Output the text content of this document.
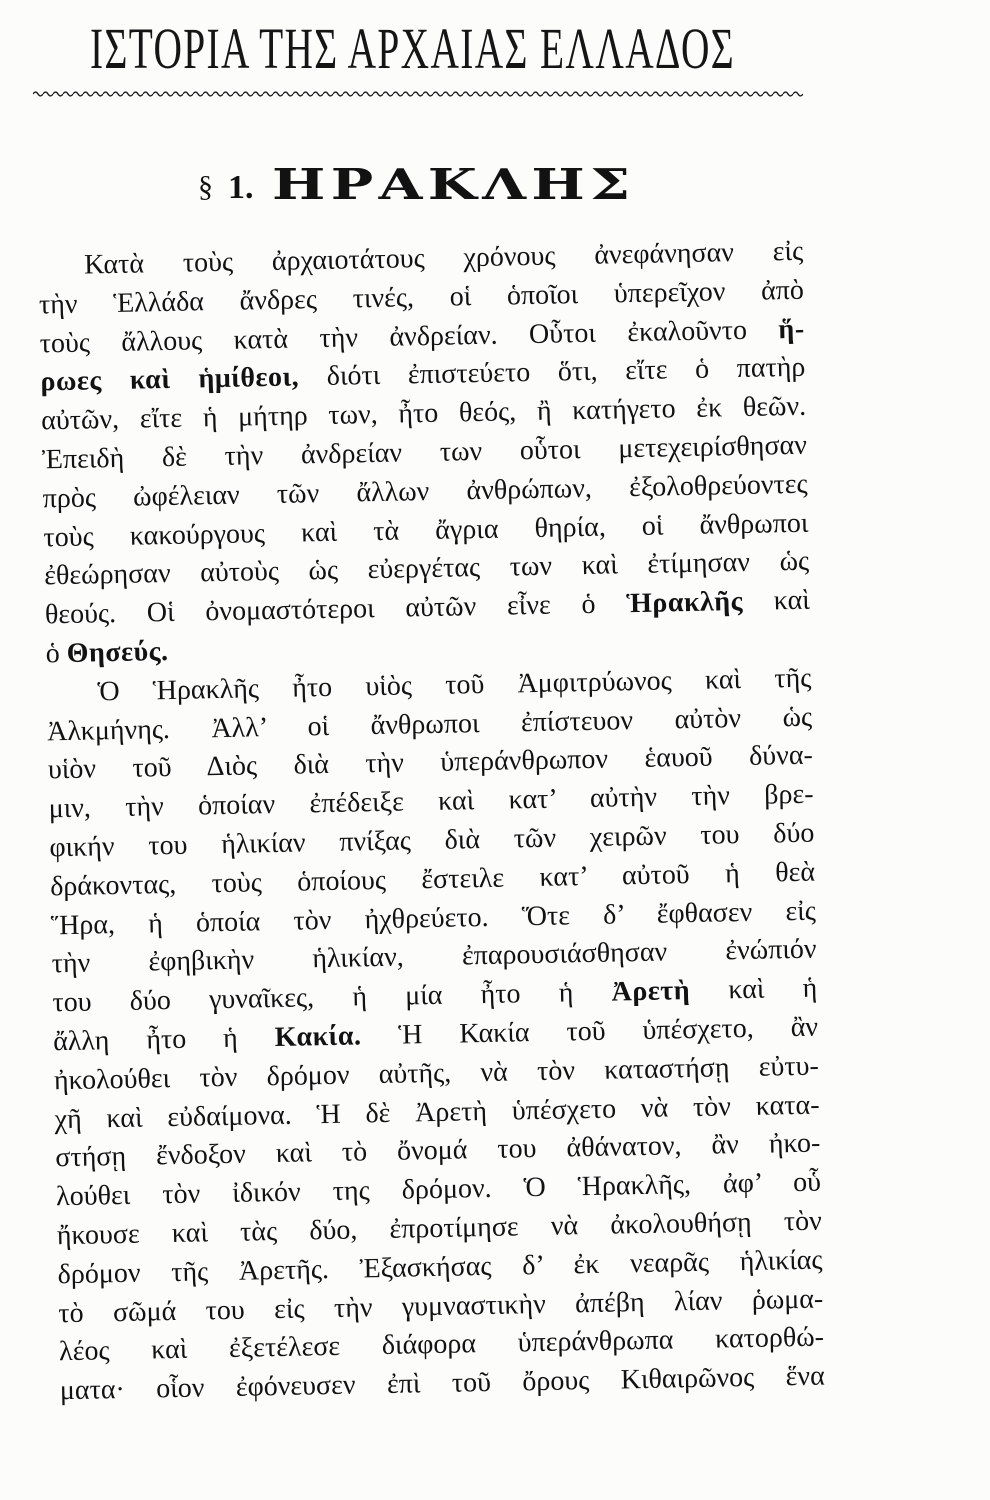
ΙΣΤΟΡΙΑ ΤΗΣ ΑΡΧΑΙΑΣ ΕΛΛΑΔΟΣ
§ 1. ΗΡΑΚΛΗΣ
Κατὰ τοὺς ἀρχαιοτάτους χρόνους ἀνεφάνησαν εἰς
τὴν Ἑλλάδα ἄνδρες τινές, οἱ ὁποῖοι ὑπερεῖχον ἀπὸ
τοὺς ἄλλους κατὰ τὴν ἀνδρείαν. Οὗτοι ἐκαλοῦντο ἥ-
ρωες καὶ ἡμίθεοι, διότι ἐπιστεύετο ὅτι, εἴτε ὁ πατὴρ
αὐτῶν, εἴτε ἡ μήτηρ των, ἦτο θεός, ἢ κατήγετο ἐκ θεῶν.
Ἐπειδὴ δὲ τὴν ἀνδρείαν των οὗτοι μετεχειρίσθησαν
πρὸς ὠφέλειαν τῶν ἄλλων ἀνθρώπων, ἐξολοθρεύοντες
τοὺς κακούργους καὶ τὰ ἄγρια θηρία, οἱ ἄνθρωποι
ἐθεώρησαν αὐτοὺς ὡς εὐεργέτας των καὶ ἐτίμησαν ὡς
θεούς. Οἱ ὀνομαστότεροι αὐτῶν εἶνε ὁ Ἡρακλῆς καὶ
ὁ Θησεύς.
Ὁ Ἡρακλῆς ἦτο υἱὸς τοῦ Ἀμφιτρύωνος καὶ τῆς
Ἀλκμήνης. Ἀλλ’ οἱ ἄνθρωποι ἐπίστευον αὐτὸν ὡς
υἱὸν τοῦ Διὸς διὰ τὴν ὑπεράνθρωπον ἑαυοῦ δύνα-
μιν, τὴν ὁποίαν ἐπέδειξε καὶ κατ’ αὐτὴν τὴν βρε-
φικήν του ἡλικίαν πνίξας διὰ τῶν χειρῶν του δύο
δράκοντας, τοὺς ὁποίους ἔστειλε κατ’ αὐτοῦ ἡ θεὰ
Ἥρα, ἡ ὁποία τὸν ἠχθρεύετο. Ὅτε δ’ ἔφθασεν εἰς
τὴν ἐφηβικὴν ἡλικίαν, ἐπαρουσιάσθησαν ἐνώπιόν
του δύο γυναῖκες, ἡ μία ἦτο ἡ Ἀρετὴ καὶ ἡ
ἄλλη ἦτο ἡ Κακία. Ἡ Κακία τοῦ ὑπέσχετο, ἂν
ἠκολούθει τὸν δρόμον αὐτῆς, νὰ τὸν καταστήσῃ εὐτυ-
χῆ καὶ εὐδαίμονα. Ἡ δὲ Ἀρετὴ ὑπέσχετο νὰ τὸν κατα-
στήσῃ ἔνδοξον καὶ τὸ ὄνομά του ἀθάνατον, ἂν ἠκο-
λούθει τὸν ἰδικόν της δρόμον. Ὁ Ἡρακλῆς, ἀφ’ οὗ
ἤκουσε καὶ τὰς δύο, ἐπροτίμησε νὰ ἀκολουθήσῃ τὸν
δρόμον τῆς Ἀρετῆς. Ἐξασκήσας δ’ ἐκ νεαρᾶς ἡλικίας
τὸ σῶμά του εἰς τὴν γυμναστικὴν ἀπέβη λίαν ῥωμα-
λέος καὶ ἐξετέλεσε διάφορα ὑπεράνθρωπα κατορθώ-
ματα· οἷον ἐφόνευσεν ἐπὶ τοῦ ὄρους Κιθαιρῶνος ἕνα
